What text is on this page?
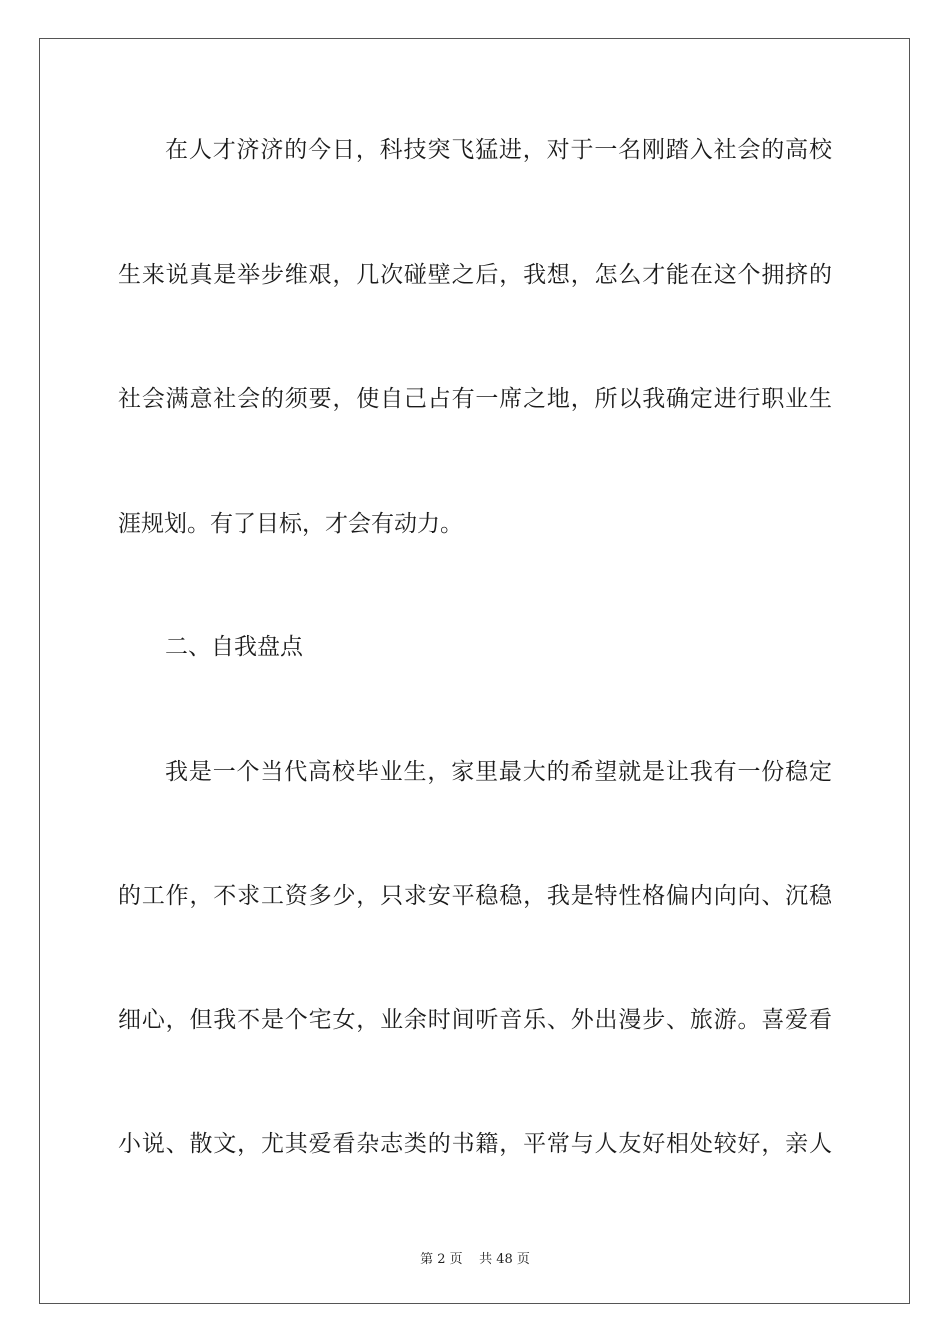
在人才济济的今日，科技突飞猛进，对于一名刚踏入社会的高校
生来说真是举步维艰，几次碰壁之后，我想，怎么才能在这个拥挤的
社会满意社会的须要，使自己占有一席之地，所以我确定进行职业生
涯规划。有了目标，才会有动力。
二、自我盘点
我是一个当代高校毕业生，家里最大的希望就是让我有一份稳定
的工作，不求工资多少，只求安平稳稳，我是特性格偏内向向、沉稳
细心，但我不是个宅女，业余时间听音乐、外出漫步、旅游。喜爱看
小说、散文，尤其爱看杂志类的书籍，平常与人友好相处较好，亲人
第 2 页    共 48 页
